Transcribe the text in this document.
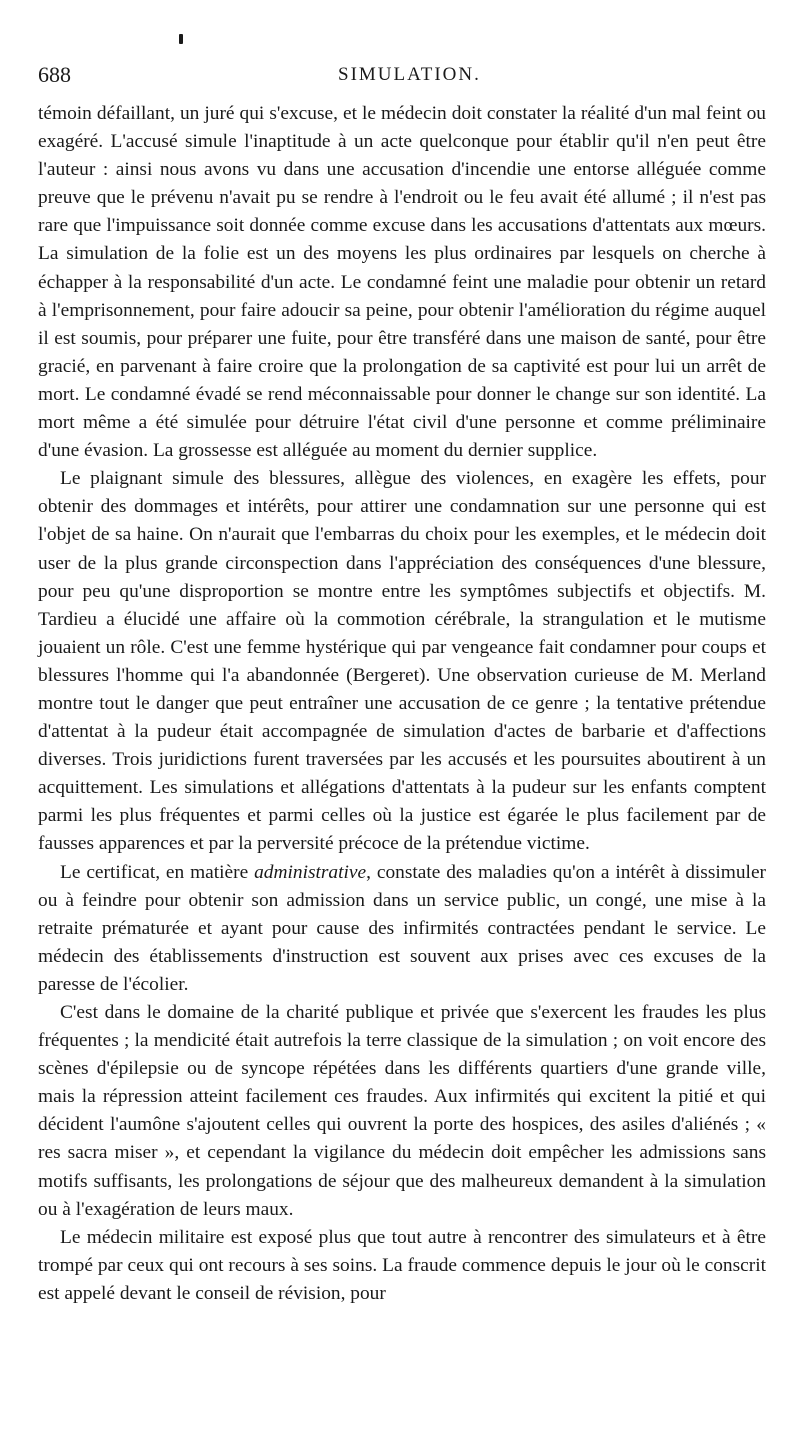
688	SIMULATION.

témoin défaillant, un juré qui s'excuse, et le médecin doit constater la réalité d'un mal feint ou exagéré. L'accusé simule l'inaptitude à un acte quelconque pour établir qu'il n'en peut être l'auteur : ainsi nous avons vu dans une accusation d'incendie une entorse alléguée comme preuve que le prévenu n'avait pu se rendre à l'endroit ou le feu avait été allumé ; il n'est pas rare que l'impuissance soit donnée comme excuse dans les accusations d'attentats aux mœurs. La simulation de la folie est un des moyens les plus ordinaires par lesquels on cherche à échapper à la responsabilité d'un acte. Le condamné feint une maladie pour obtenir un retard à l'emprisonnement, pour faire adoucir sa peine, pour obtenir l'amélioration du régime auquel il est soumis, pour préparer une fuite, pour être transféré dans une maison de santé, pour être gracié, en parvenant à faire croire que la prolongation de sa captivité est pour lui un arrêt de mort. Le condamné évadé se rend méconnaissable pour donner le change sur son identité. La mort même a été simulée pour détruire l'état civil d'une personne et comme préliminaire d'une évasion. La grossesse est alléguée au moment du dernier supplice.

Le plaignant simule des blessures, allègue des violences, en exagère les effets, pour obtenir des dommages et intérêts, pour attirer une condamnation sur une personne qui est l'objet de sa haine. On n'aurait que l'embarras du choix pour les exemples, et le médecin doit user de la plus grande circonspection dans l'appréciation des conséquences d'une blessure, pour peu qu'une disproportion se montre entre les symptômes subjectifs et objectifs. M. Tardieu a élucidé une affaire où la commotion cérébrale, la strangulation et le mutisme jouaient un rôle. C'est une femme hystérique qui par vengeance fait condamner pour coups et blessures l'homme qui l'a abandonnée (Bergeret). Une observation curieuse de M. Merland montre tout le danger que peut entraîner une accusation de ce genre ; la tentative prétendue d'attentat à la pudeur était accompagnée de simulation d'actes de barbarie et d'affections diverses. Trois juridictions furent traversées par les accusés et les poursuites aboutirent à un acquittement. Les simulations et allégations d'attentats à la pudeur sur les enfants comptent parmi les plus fréquentes et parmi celles où la justice est égarée le plus facilement par de fausses apparences et par la perversité précoce de la prétendue victime.

Le certificat, en matière administrative, constate des maladies qu'on a intérêt à dissimuler ou à feindre pour obtenir son admission dans un service public, un congé, une mise à la retraite prématurée et ayant pour cause des infirmités contractées pendant le service. Le médecin des établissements d'instruction est souvent aux prises avec ces excuses de la paresse de l'écolier.

C'est dans le domaine de la charité publique et privée que s'exercent les fraudes les plus fréquentes ; la mendicité était autrefois la terre classique de la simulation ; on voit encore des scènes d'épilepsie ou de syncope répétées dans les différents quartiers d'une grande ville, mais la répression atteint facilement ces fraudes. Aux infirmités qui excitent la pitié et qui décident l'aumône s'ajoutent celles qui ouvrent la porte des hospices, des asiles d'aliénés ; « res sacra miser », et cependant la vigilance du médecin doit empêcher les admissions sans motifs suffisants, les prolongations de séjour que des malheureux demandent à la simulation ou à l'exagération de leurs maux.

Le médecin militaire est exposé plus que tout autre à rencontrer des simulateurs et à être trompé par ceux qui ont recours à ses soins. La fraude commence depuis le jour où le conscrit est appelé devant le conseil de révision, pour
